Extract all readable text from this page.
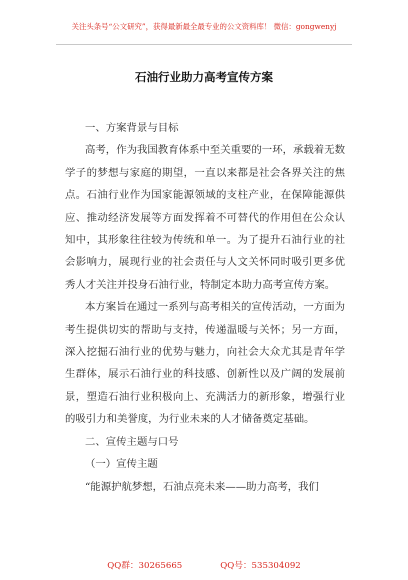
关注头条号“公文研究”，获得最新最全最专业的公文资料库！ 微信：gongwenyj
石油行业助力高考宣传方案

一、方案背景与目标

高考，作为我国教育体系中至关重要的一环，承载着无数学子的梦想与家庭的期望，一直以来都是社会各界关注的焦点。石油行业作为国家能源领域的支柱产业，在保障能源供应、推动经济发展等方面发挥着不可替代的作用但在公众认知中，其形象往往较为传统和单一。为了提升石油行业的社会影响力，展现行业的社会责任与人文关怀同时吸引更多优秀人才关注并投身石油行业，特制定本助力高考宣传方案。

本方案旨在通过一系列与高考相关的宣传活动，一方面为考生提供切实的帮助与支持，传递温暖与关怀；另一方面，深入挖掘石油行业的优势与魅力，向社会大众尤其是青年学生群体，展示石油行业的科技感、创新性以及广阔的发展前景，塑造石油行业积极向上、充满活力的新形象，增强行业的吸引力和美誉度，为行业未来的人才储备奠定基础。

二、宣传主题与口号

（一）宣传主题

“能源护航梦想，石油点亮未来——助力高考，我们

QQ群：30265665	QQ号：535304092
